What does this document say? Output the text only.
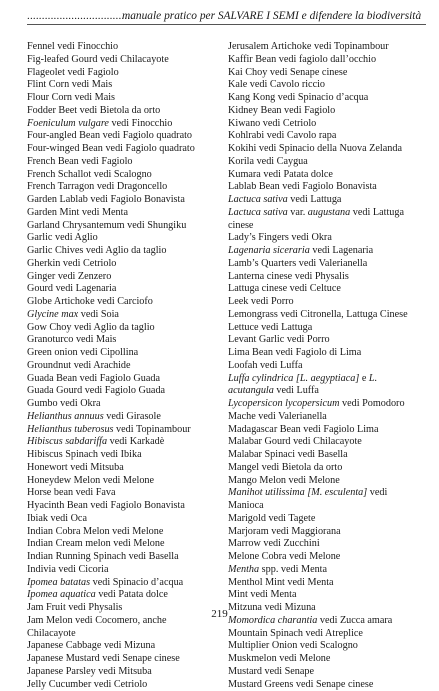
....................................
manuale pratico per SALVARE I SEMI e difendere la biodiversità
Fennel vedi Finocchio
Fig-leafed Gourd vedi Chilacayote
Flageolet vedi Fagiolo
Flint Corn vedi Mais
Flour Corn vedi Mais
Fodder Beet vedi Bietola da orto
Foeniculum vulgare vedi Finocchio
Four-angled Bean vedi Fagiolo quadrato
Four-winged Bean vedi Fagiolo quadrato
French Bean vedi Fagiolo
French Schallot vedi Scalogno
French Tarragon vedi Dragoncello
Garden Lablab vedi Fagiolo Bonavista
Garden Mint vedi Menta
Garland Chrysantemum vedi Shungiku
Garlic vedi Aglio
Garlic Chives vedi Aglio da taglio
Gherkin vedi Cetriolo
Ginger vedi Zenzero
Gourd vedi Lagenaria
Globe Artichoke vedi Carciofo
Glycine max vedi Soia
Gow Choy vedi Aglio da taglio
Granoturco vedi Mais
Green onion vedi Cipollina
Groundnut vedi Arachide
Guada Bean vedi Fagiolo Guada
Guada Gourd vedi Fagiolo Guada
Gumbo vedi Okra
Helianthus annuus vedi Girasole
Helianthus tuberosus vedi Topinambour
Hibiscus sabdariffa vedi Karkadè
Hibiscus Spinach vedi Ibika
Honewort vedi Mitsuba
Honeydew Melon vedi Melone
Horse bean vedi Fava
Hyacinth Bean vedi Fagiolo Bonavista
Ibiak vedi Oca
Indian Cobra Melon vedi Melone
Indian Cream melon vedi Melone
Indian Running Spinach vedi Basella
Indivia vedi Cicoria
Ipomea batatas vedi Spinacio d’acqua
Ipomea aquatica vedi Patata dolce
Jam Fruit vedi Physalis
Jam Melon vedi Cocomero, anche
Chilacayote
Japanese Cabbage vedi Mizuna
Japanese Mustard vedi Senape cinese
Japanese Parsley vedi Mitsuba
Jelly Cucumber vedi Cetriolo
Jerusalem Artichoke vedi Topinambour
Kaffir Bean vedi fagiolo dall’occhio
Kai Choy vedi Senape cinese
Kale vedi Cavolo riccio
Kang Kong vedi Spinacio d’acqua
Kidney Bean vedi Fagiolo
Kiwano vedi Cetriolo
Kohlrabi vedi Cavolo rapa
Kokihi vedi Spinacio della Nuova Zelanda
Korila vedi Caygua
Kumara vedi Patata dolce
Lablab Bean vedi Fagiolo Bonavista
Lactuca sativa vedi Lattuga
Lactuca sativa var. augustana vedi Lattuga
cinese
Lady’s Fingers vedi Okra
Lagenaria siceraria vedi Lagenaria
Lamb’s Quarters vedi Valerianella
Lanterna cinese vedi Physalis
Lattuga cinese vedi Celtuce
Leek vedi Porro
Lemongrass vedi Citronella, Lattuga Cinese
Lettuce vedi Lattuga
Levant Garlic vedi Porro
Lima Bean vedi Fagiolo di Lima
Loofah vedi Luffa
Luffa cylindrica [L. aegyptiaca] e L.
acutangula vedi Luffa
Lycopersicon lycopersicum vedi Pomodoro
Mache vedi Valerianella
Madagascar Bean vedi Fagiolo Lima
Malabar Gourd vedi Chilacayote
Malabar Spinaci vedi Basella
Mangel vedi Bietola da orto
Mango Melon vedi Melone
Manihot utilissima [M. esculenta] vedi
Manioca
Marigold vedi Tagete
Marjoram vedi Maggiorana
Marrow vedi Zucchini
Melone Cobra vedi Melone
Mentha spp. vedi Menta
Menthol Mint vedi Menta
Mint vedi Menta
Mitzuna vedi Mizuna
Momordica charantia vedi Zucca amara
Mountain Spinach vedi Atreplice
Multiplier Onion vedi Scalogno
Muskmelon vedi Melone
Mustard vedi Senape
Mustard Greens vedi Senape cinese
219
